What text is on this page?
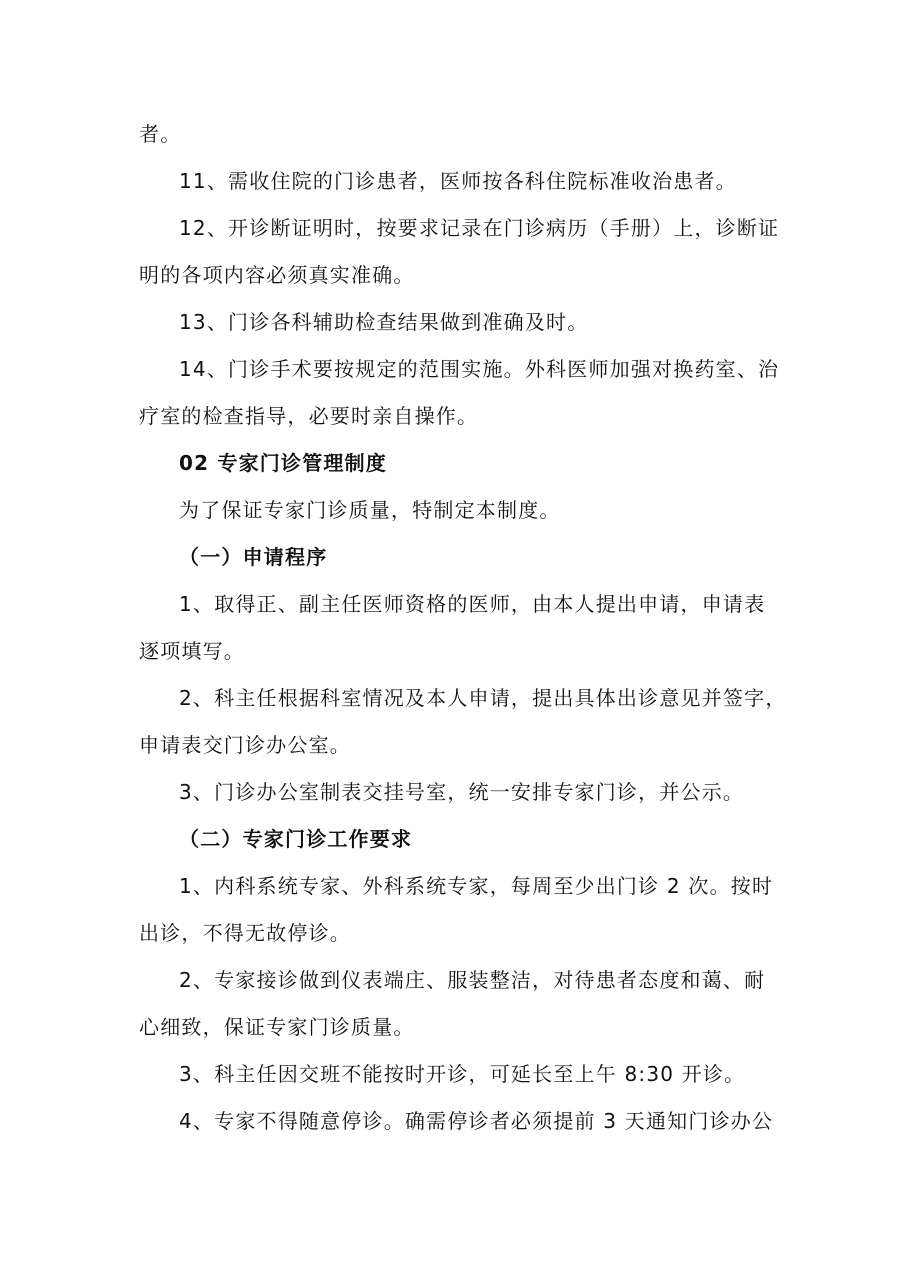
者。
11、需收住院的门诊患者，医师按各科住院标准收治患者。
12、开诊断证明时，按要求记录在门诊病历（手册）上，诊断证
明的各项内容必须真实准确。
13、门诊各科辅助检查结果做到准确及时。
14、门诊手术要按规定的范围实施。外科医师加强对换药室、治
疗室的检查指导，必要时亲自操作。
02 专家门诊管理制度
为了保证专家门诊质量，特制定本制度。
（一）申请程序
1、取得正、副主任医师资格的医师，由本人提出申请，申请表
逐项填写。
2、科主任根据科室情况及本人申请，提出具体出诊意见并签字，
申请表交门诊办公室。
3、门诊办公室制表交挂号室，统一安排专家门诊，并公示。
（二）专家门诊工作要求
1、内科系统专家、外科系统专家，每周至少出门诊 2 次。按时
出诊，不得无故停诊。
2、专家接诊做到仪表端庄、服装整洁，对待患者态度和蔼、耐
心细致，保证专家门诊质量。
3、科主任因交班不能按时开诊，可延长至上午 8:30 开诊。
4、专家不得随意停诊。确需停诊者必须提前 3 天通知门诊办公
